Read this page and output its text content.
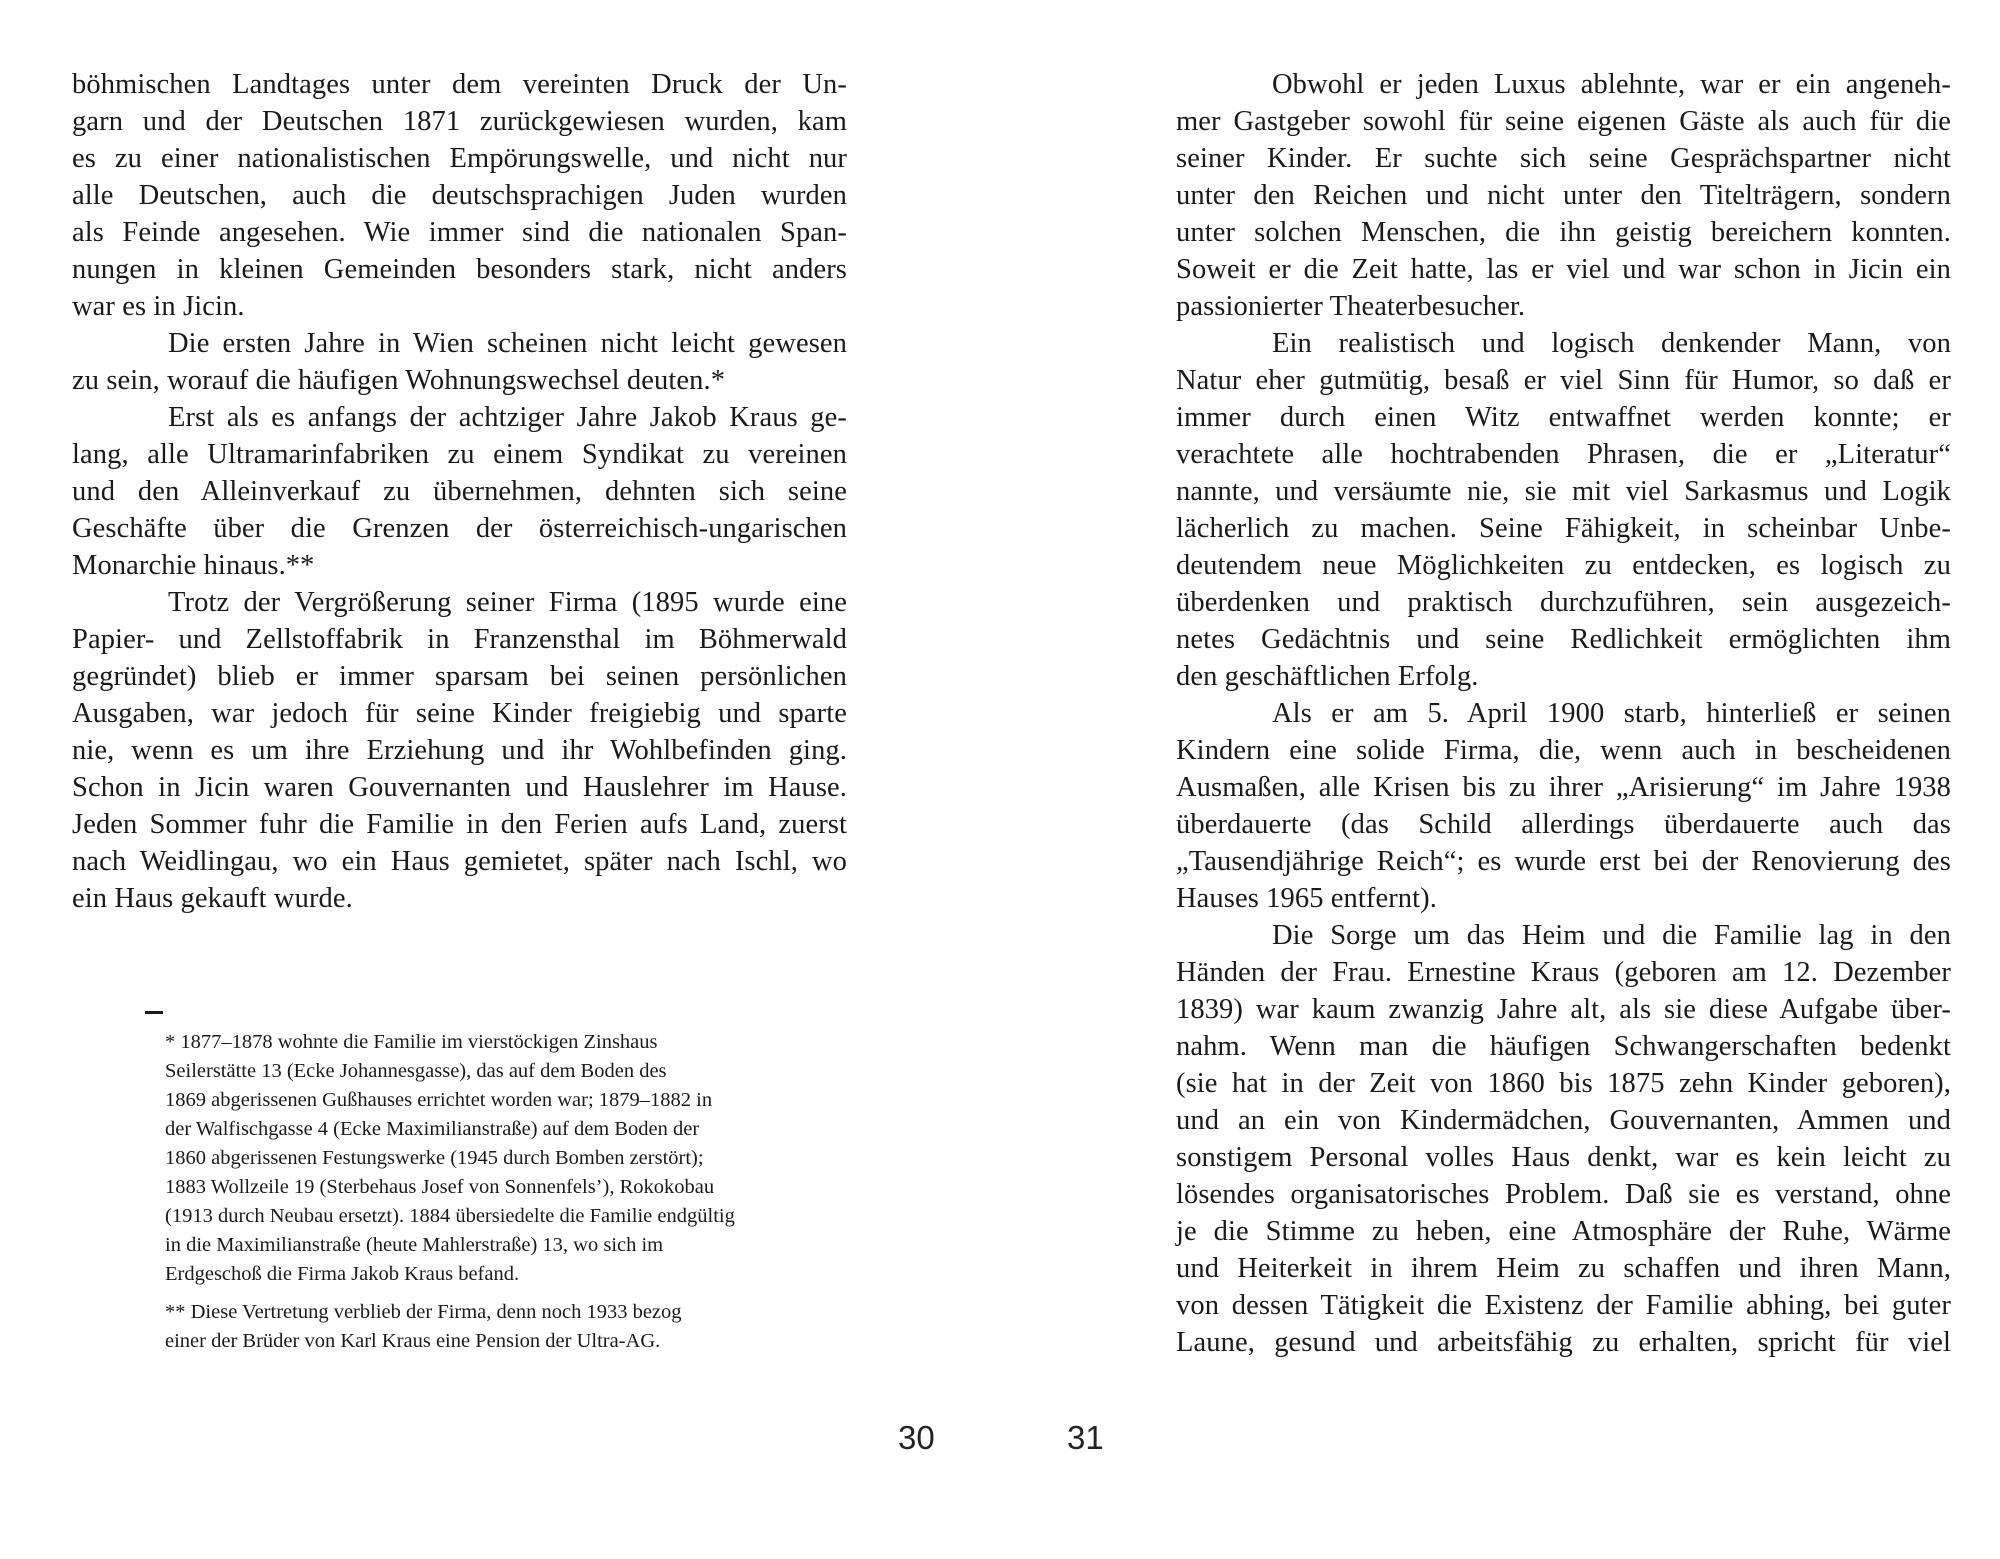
böhmischen Landtages unter dem vereinten Druck der Un-
garn und der Deutschen 1871 zurückgewiesen wurden, kam
es zu einer nationalistischen Empörungswelle, und nicht nur
alle Deutschen, auch die deutschsprachigen Juden wurden
als Feinde angesehen. Wie immer sind die nationalen Span-
nungen in kleinen Gemeinden besonders stark, nicht anders
war es in Jicin.
Die ersten Jahre in Wien scheinen nicht leicht gewesen
zu sein, worauf die häufigen Wohnungswechsel deuten.*
Erst als es anfangs der achtziger Jahre Jakob Kraus ge-
lang, alle Ultramarinfabriken zu einem Syndikat zu vereinen
und den Alleinverkauf zu übernehmen, dehnten sich seine
Geschäfte über die Grenzen der österreichisch-ungarischen
Monarchie hinaus.**
Trotz der Vergrößerung seiner Firma (1895 wurde eine
Papier- und Zellstoffabrik in Franzensthal im Böhmerwald
gegründet) blieb er immer sparsam bei seinen persönlichen
Ausgaben, war jedoch für seine Kinder freigiebig und sparte
nie, wenn es um ihre Erziehung und ihr Wohlbefinden ging.
Schon in Jicin waren Gouvernanten und Hauslehrer im Hause.
Jeden Sommer fuhr die Familie in den Ferien aufs Land, zuerst
nach Weidlingau, wo ein Haus gemietet, später nach Ischl, wo
ein Haus gekauft wurde.
* 1877–1878 wohnte die Familie im vierstöckigen Zinshaus
Seilerstätte 13 (Ecke Johannesgasse), das auf dem Boden des
1869 abgerissenen Gußhauses errichtet worden war; 1879–1882 in
der Walfischgasse 4 (Ecke Maximilianstraße) auf dem Boden der
1860 abgerissenen Festungswerke (1945 durch Bomben zerstört);
1883 Wollzeile 19 (Sterbehaus Josef von Sonnenfels’), Rokokobau
(1913 durch Neubau ersetzt). 1884 übersiedelte die Familie endgültig
in die Maximilianstraße (heute Mahlerstraße) 13, wo sich im
Erdgeschoß die Firma Jakob Kraus befand.
** Diese Vertretung verblieb der Firma, denn noch 1933 bezog
einer der Brüder von Karl Kraus eine Pension der Ultra-AG.
30
Obwohl er jeden Luxus ablehnte, war er ein angeneh-
mer Gastgeber sowohl für seine eigenen Gäste als auch für die
seiner Kinder. Er suchte sich seine Gesprächspartner nicht
unter den Reichen und nicht unter den Titelträgern, sondern
unter solchen Menschen, die ihn geistig bereichern konnten.
Soweit er die Zeit hatte, las er viel und war schon in Jicin ein
passionierter Theaterbesucher.
Ein realistisch und logisch denkender Mann, von
Natur eher gutmütig, besaß er viel Sinn für Humor, so daß er
immer durch einen Witz entwaffnet werden konnte; er
verachtete alle hochtrabenden Phrasen, die er „Literatur“
nannte, und versäumte nie, sie mit viel Sarkasmus und Logik
lächerlich zu machen. Seine Fähigkeit, in scheinbar Unbe-
deutendem neue Möglichkeiten zu entdecken, es logisch zu
überdenken und praktisch durchzuführen, sein ausgezeich-
netes Gedächtnis und seine Redlichkeit ermöglichten ihm
den geschäftlichen Erfolg.
Als er am 5. April 1900 starb, hinterließ er seinen
Kindern eine solide Firma, die, wenn auch in bescheidenen
Ausmaßen, alle Krisen bis zu ihrer „Arisierung“ im Jahre 1938
überdauerte (das Schild allerdings überdauerte auch das
„Tausendjährige Reich“; es wurde erst bei der Renovierung des
Hauses 1965 entfernt).
Die Sorge um das Heim und die Familie lag in den
Händen der Frau. Ernestine Kraus (geboren am 12. Dezember
1839) war kaum zwanzig Jahre alt, als sie diese Aufgabe über-
nahm. Wenn man die häufigen Schwangerschaften bedenkt
(sie hat in der Zeit von 1860 bis 1875 zehn Kinder geboren),
und an ein von Kindermädchen, Gouvernanten, Ammen und
sonstigem Personal volles Haus denkt, war es kein leicht zu
lösendes organisatorisches Problem. Daß sie es verstand, ohne
je die Stimme zu heben, eine Atmosphäre der Ruhe, Wärme
und Heiterkeit in ihrem Heim zu schaffen und ihren Mann,
von dessen Tätigkeit die Existenz der Familie abhing, bei guter
Laune, gesund und arbeitsfähig zu erhalten, spricht für viel
31
